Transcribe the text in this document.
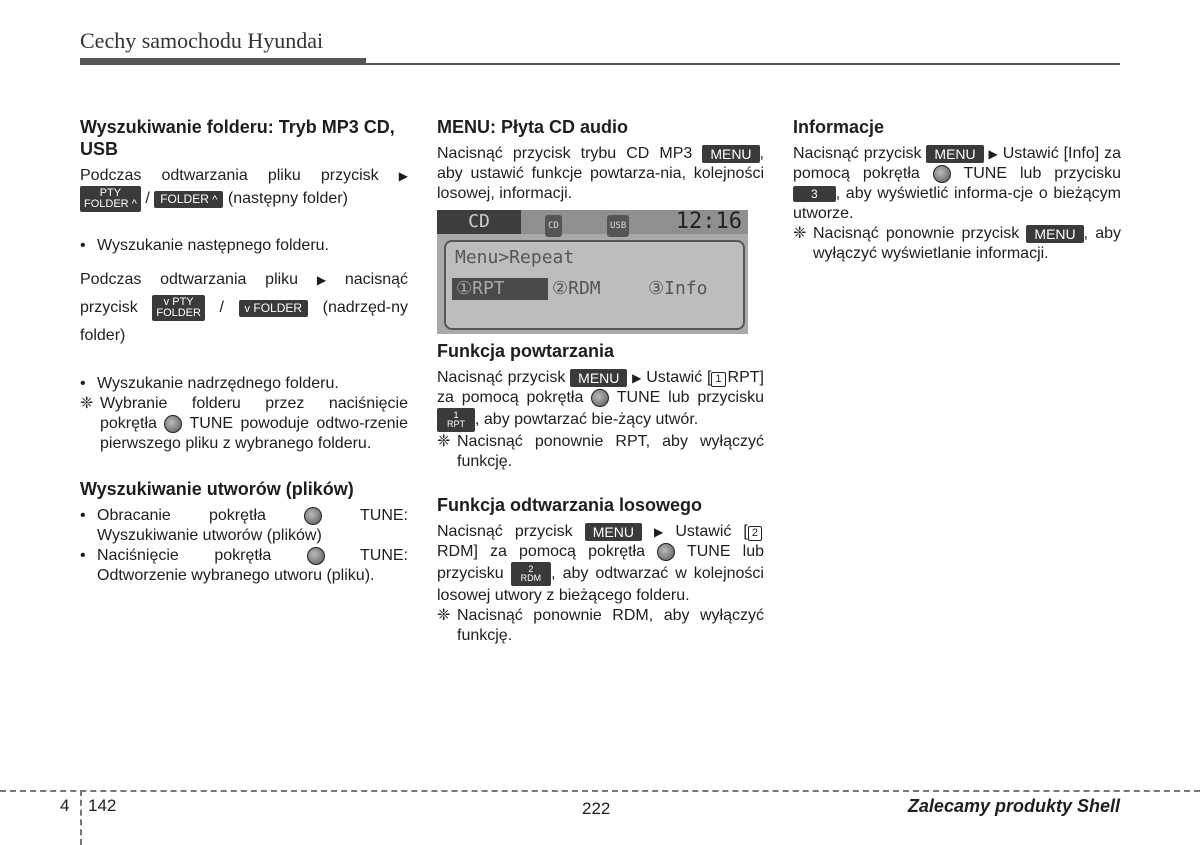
Cechy samochodu Hyundai
Wyszukiwanie folderu: Tryb MP3 CD, USB

Podczas odtwarzania pliku przycisk ▶ PTY
FOLDER ^ / FOLDER ^ (następny folder)

• Wyszukanie następnego folderu.

Podczas odtwarzania pliku ▶ nacisnąć przycisk v PTY
FOLDER / v FOLDER (nadrzęd-ny folder)

• Wyszukanie nadrzędnego folderu.

❈ Wybranie folderu przez naciśnięcie pokrętła TUNE powoduje odtwo-rzenie pierwszego pliku z wybranego folderu.

Wyszukiwanie utworów (plików)

• Obracanie pokrętła	TUNE: Wyszukiwanie utworów (plików)

• Naciśnięcie pokrętła	TUNE: Odtworzenie wybranego utworu (pliku).

MENU: Płyta CD audio

Nacisnąć przycisk trybu CD MP3 MENU , aby ustawić funkcje powtarza-nia, kolejności losowej, informacji.

CD	CD	USB 12:16
Menu>Repeat
①RPT	②RDM	③Info
Funkcja powtarzania

Nacisnąć przycisk MENU ▶ Ustawić [ 1 RPT] za pomocą pokrętła TUNE lub przycisku 1
RPT , aby powtarzać bie-żący utwór.

❈ Nacisnąć ponownie RPT, aby wyłączyć funkcję.

Funkcja odtwarzania losowego

Nacisnąć przycisk MENU ▶ Ustawić [ 2RDM] za pomocą pokrętła	TUNE lub przycisku	2
RDM , aby odtwarzać w kolejności losowej utwory z bieżącego folderu.

❈ Nacisnąć ponownie RDM, aby wyłączyć funkcję.

Informacje

Nacisnąć przycisk MENU ▶ Ustawić [Info] za pomocą pokrętła	TUNE lub przycisku 3 , aby wyświetlić informa-cje o bieżącym utworze.

❈ Nacisnąć ponownie przycisk MENU , aby wyłączyć wyświetlanie informacji.

4 142	222	Zalecamy produkty Shell
